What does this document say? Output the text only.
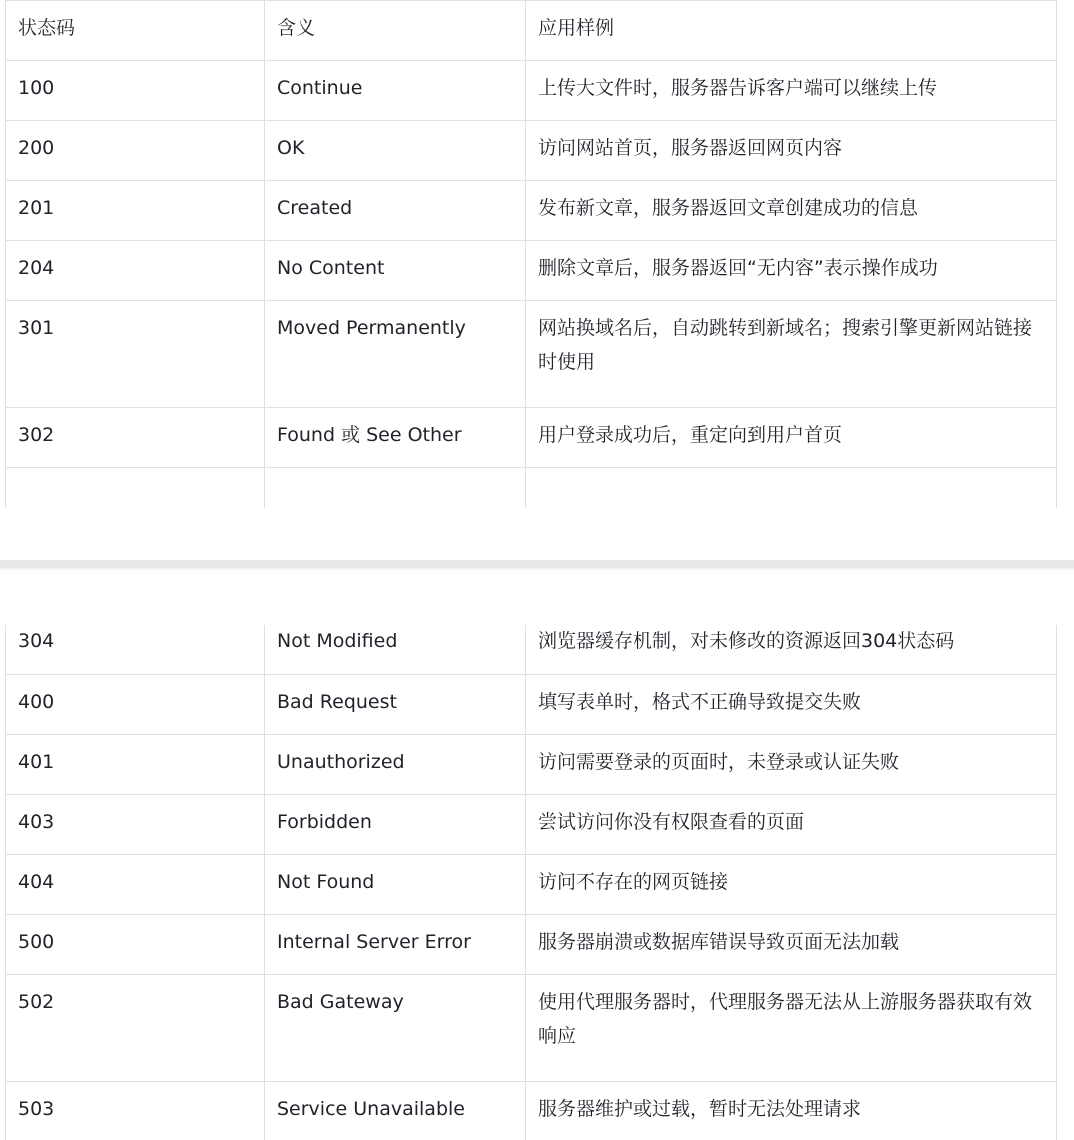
状态码	含义	应用样例

100	Continue	上传大文件时，服务器告诉客户端可以继续上传

200	OK	访问网站首页，服务器返回网页内容

201	Created	发布新文章，服务器返回文章创建成功的信息

204	No Content	删除文章后，服务器返回“无内容”表示操作成功

301	Moved Permanently	网站换域名后，自动跳转到新域名；搜索引擎更新网站链接时使用

302	Found 或 See Other	用户登录成功后，重定向到用户首页

304	Not Modified	浏览器缓存机制，对未修改的资源返回304状态码

400	Bad Request	填写表单时，格式不正确导致提交失败

401	Unauthorized	访问需要登录的页面时，未登录或认证失败

403	Forbidden	尝试访问你没有权限查看的页面

404	Not Found	访问不存在的网页链接

500	Internal Server Error	服务器崩溃或数据库错误导致页面无法加载

502	Bad Gateway	使用代理服务器时，代理服务器无法从上游服务器获取有效响应

503	Service Unavailable	服务器维护或过载，暂时无法处理请求
